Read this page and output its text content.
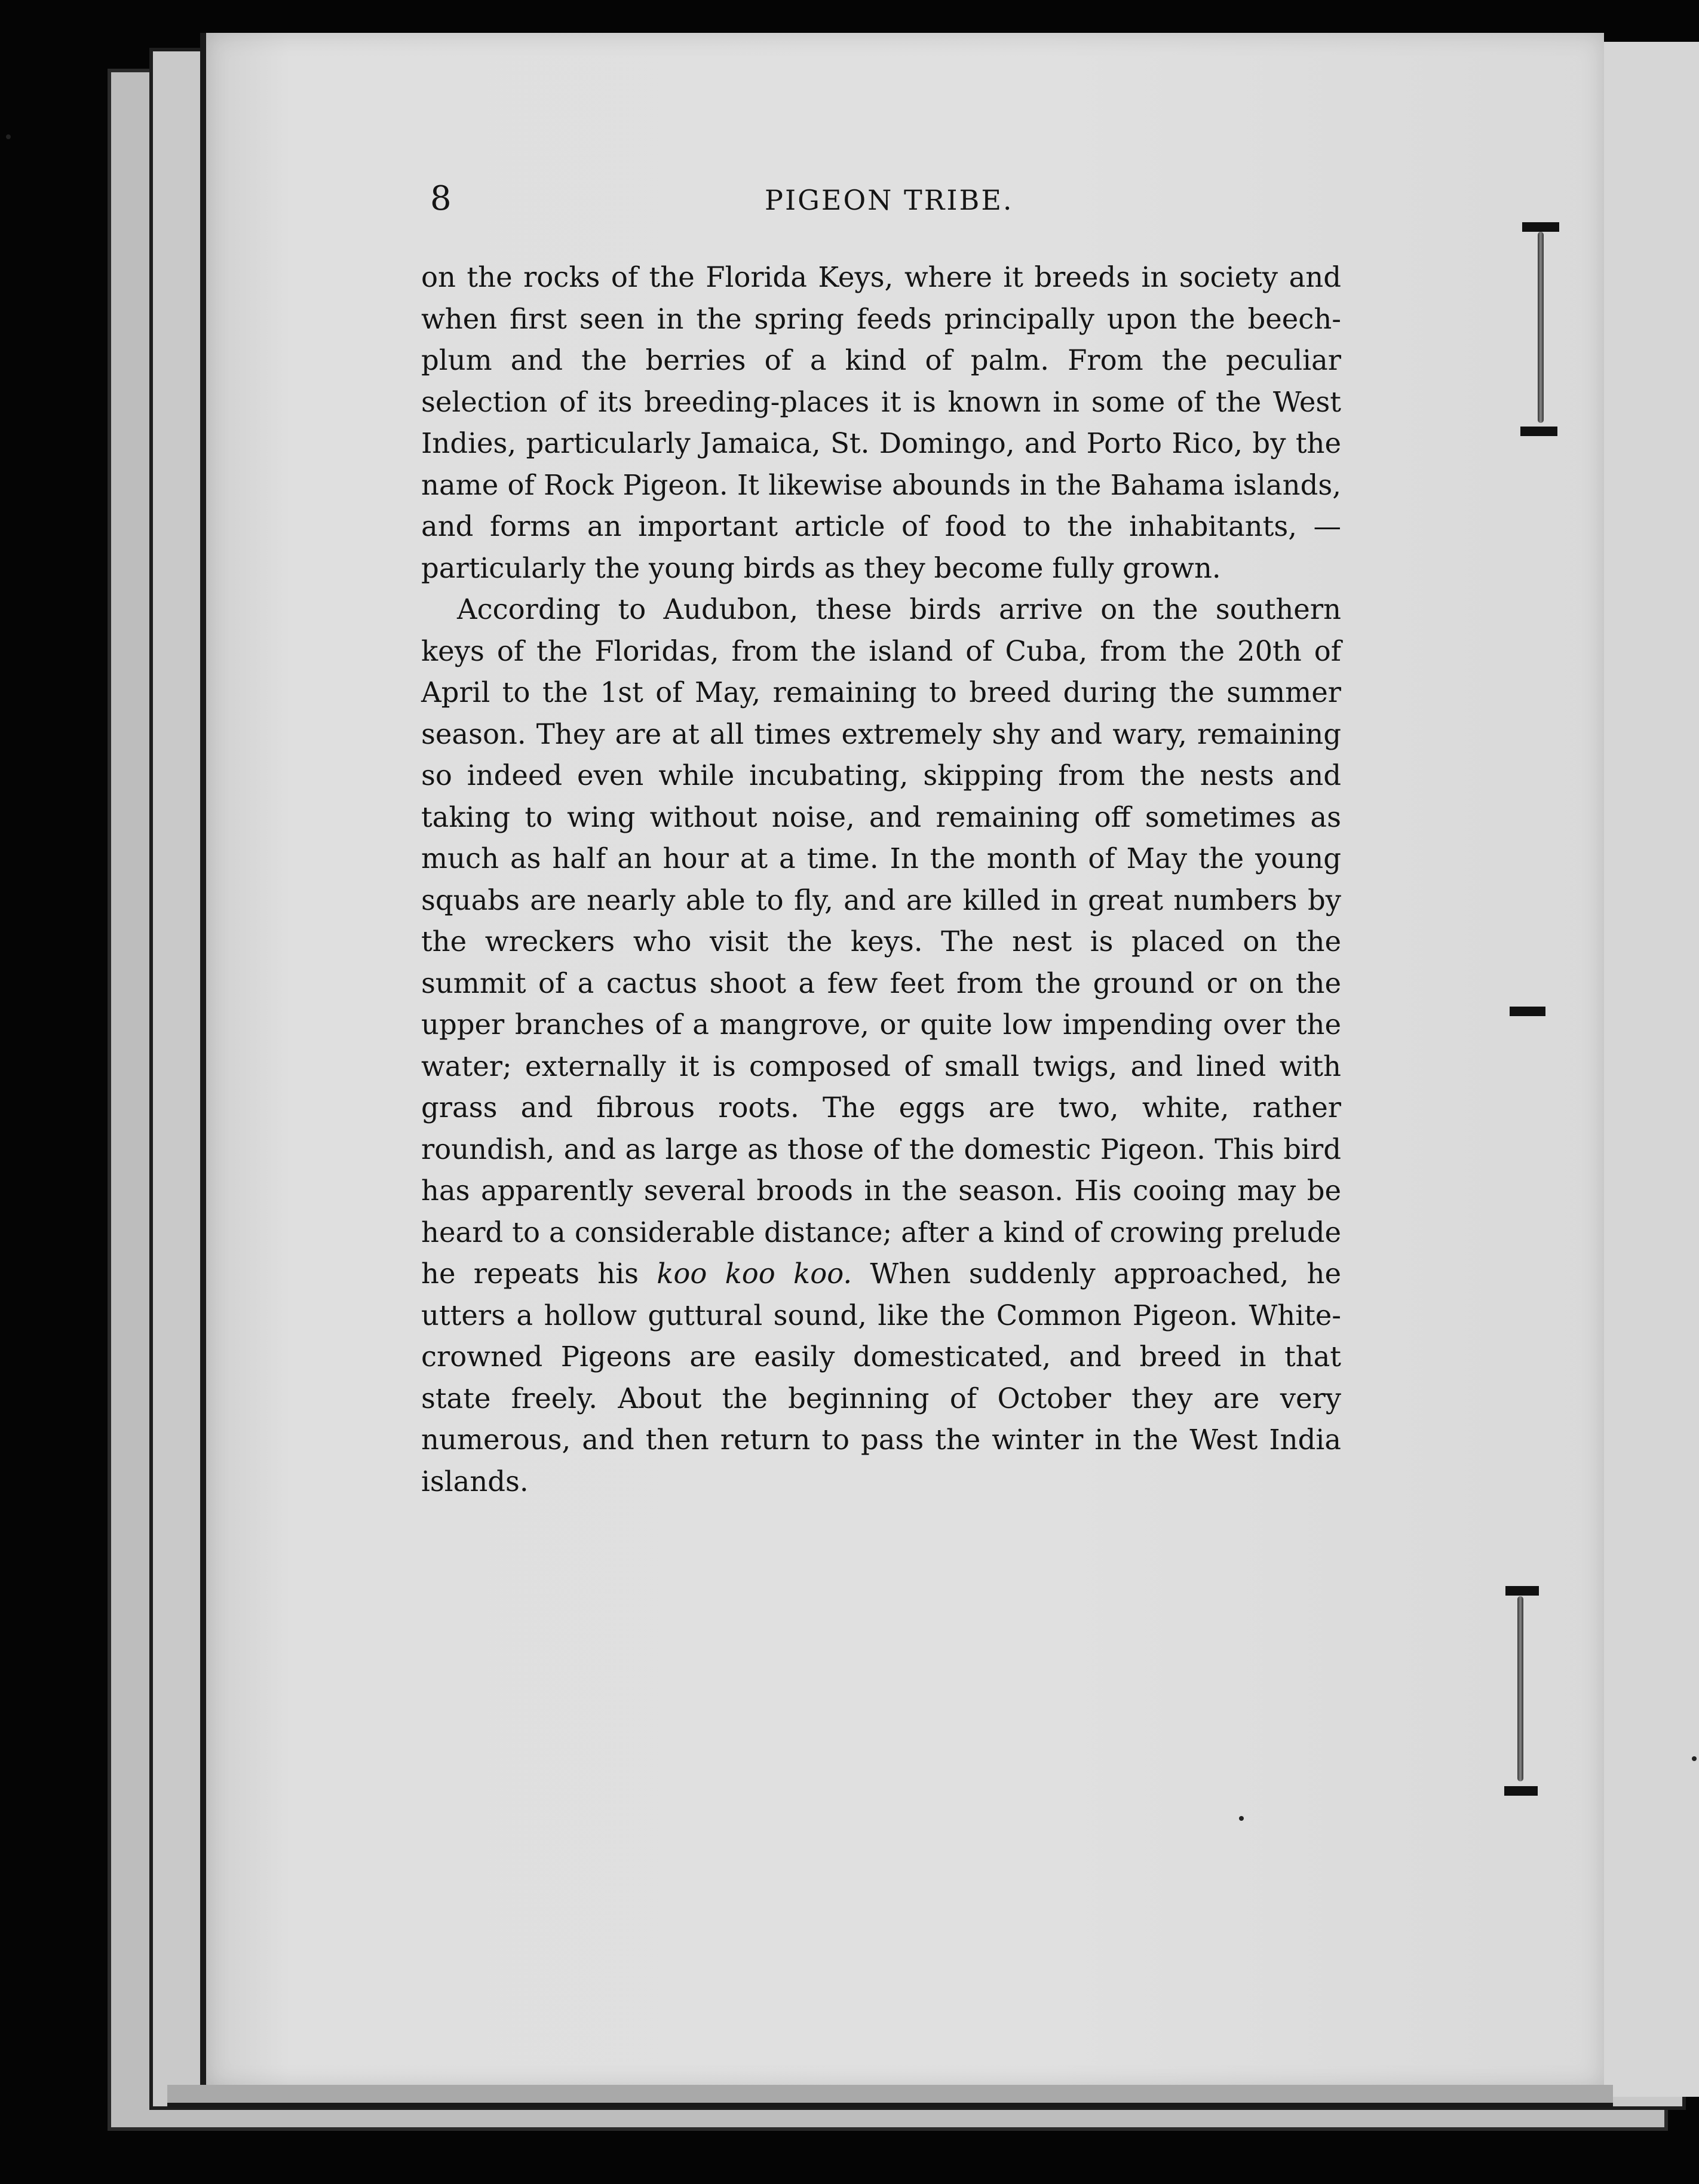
8	PIGEON TRIBE.

on the rocks of the Florida Keys, where it breeds in society and when first seen in the spring feeds principally upon the beech-plum and the berries of a kind of palm. From the peculiar selection of its breeding-places it is known in some of the West Indies, particularly Jamaica, St. Domingo, and Porto Rico, by the name of Rock Pigeon. It likewise abounds in the Bahama islands, and forms an important article of food to the inhabitants, — particularly the young birds as they become fully grown.

According to Audubon, these birds arrive on the southern keys of the Floridas, from the island of Cuba, from the 20th of April to the 1st of May, remaining to breed during the summer season. They are at all times extremely shy and wary, remaining so indeed even while incubating, skipping from the nests and taking to wing without noise, and remaining off sometimes as much as half an hour at a time. In the month of May the young squabs are nearly able to fly, and are killed in great numbers by the wreckers who visit the keys. The nest is placed on the summit of a cactus shoot a few feet from the ground or on the upper branches of a mangrove, or quite low impending over the water; externally it is composed of small twigs, and lined with grass and fibrous roots. The eggs are two, white, rather roundish, and as large as those of the domestic Pigeon. This bird has apparently several broods in the season. His cooing may be heard to a considerable distance; after a kind of crowing prelude he repeats his koo koo koo. When suddenly approached, he utters a hollow guttural sound, like the Common Pigeon. White-crowned Pigeons are easily domesticated, and breed in that state freely. About the beginning of October they are very numerous, and then return to pass the winter in the West India islands.
